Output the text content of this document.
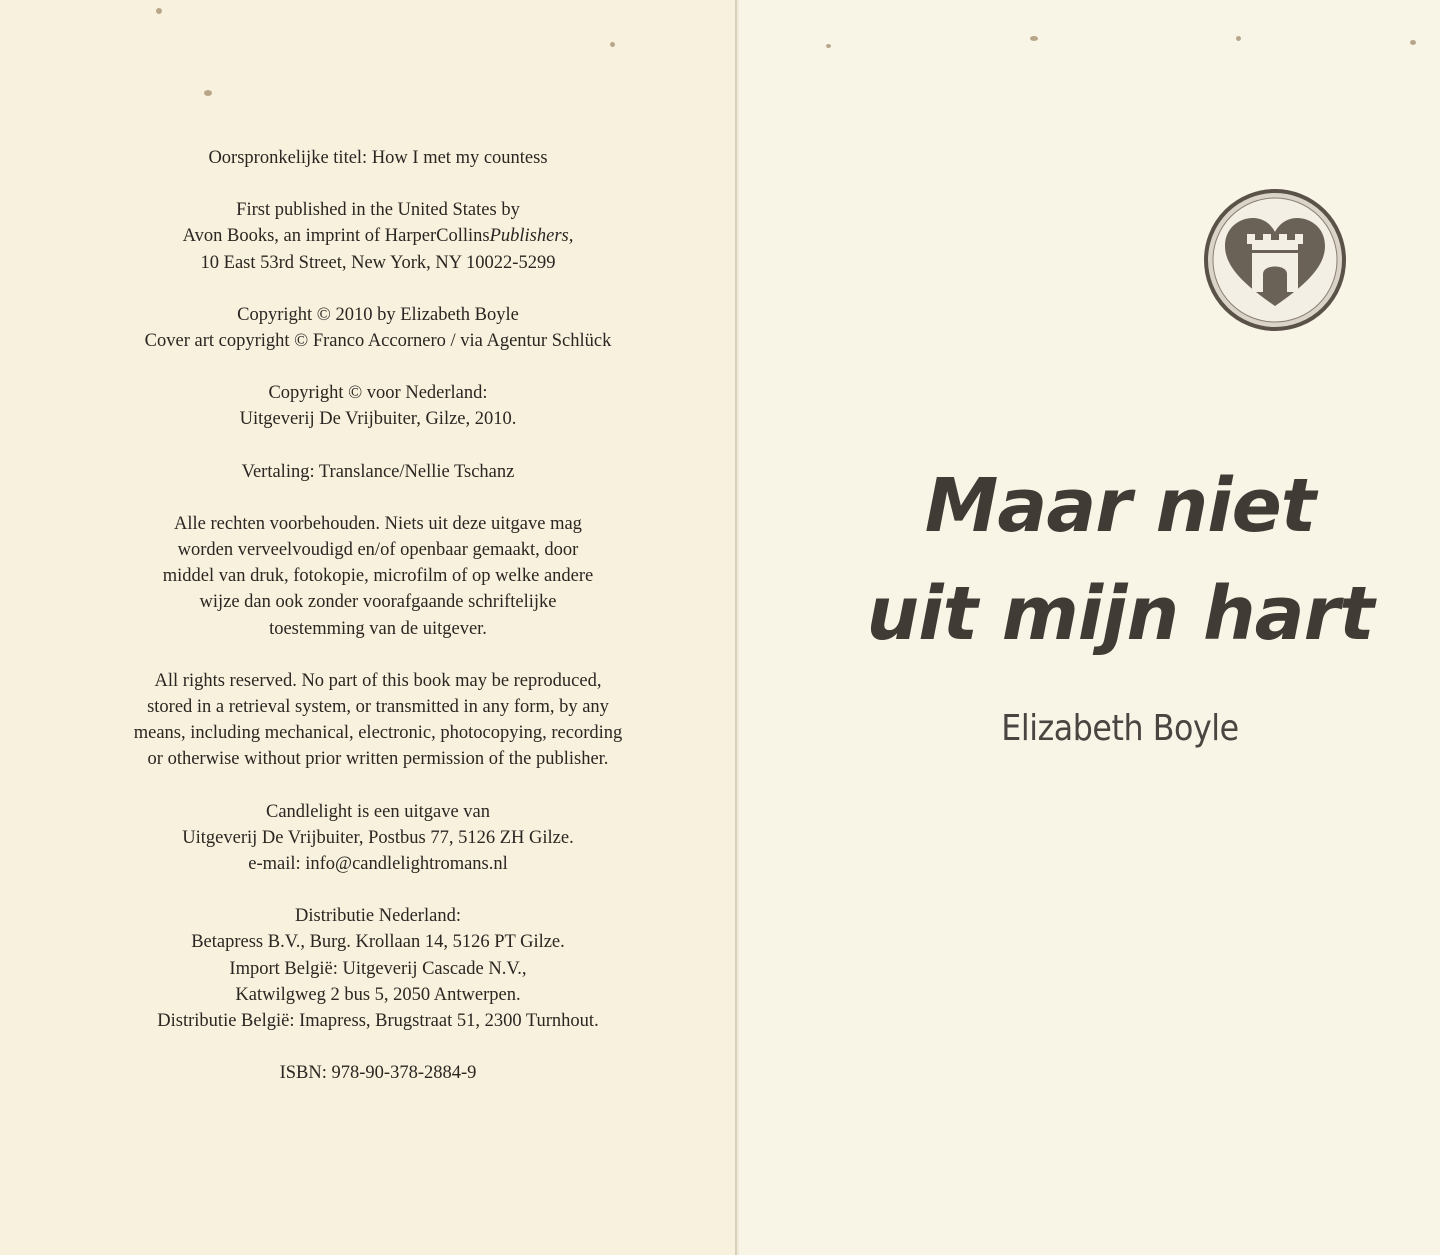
Oorspronkelijke titel: How I met my countess

First published in the United States by

Avon Books, an imprint of HarperCollinsPublishers,

10 East 53rd Street, New York, NY 10022-5299

Copyright © 2010 by Elizabeth Boyle

Cover art copyright © Franco Accornero / via Agentur Schlück

Copyright © voor Nederland:

Uitgeverij De Vrijbuiter, Gilze, 2010.

Vertaling: Translance/Nellie Tschanz

Alle rechten voorbehouden. Niets uit deze uitgave mag

worden verveelvoudigd en/of openbaar gemaakt, door

middel van druk, fotokopie, microfilm of op welke andere

wijze dan ook zonder voorafgaande schriftelijke

toestemming van de uitgever.

All rights reserved. No part of this book may be reproduced,

stored in a retrieval system, or transmitted in any form, by any

means, including mechanical, electronic, photocopying, recording

or otherwise without prior written permission of the publisher.

Candlelight is een uitgave van

Uitgeverij De Vrijbuiter, Postbus 77, 5126 ZH Gilze.

e-mail: info@candlelightromans.nl

Distributie Nederland:

Betapress B.V., Burg. Krollaan 14, 5126 PT Gilze.

Import België: Uitgeverij Cascade N.V.,

Katwilgweg 2 bus 5, 2050 Antwerpen.

Distributie België: Imapress, Brugstraat 51, 2300 Turnhout.

ISBN: 978-90-378-2884-9

Maar niet
uit mijn hart
Elizabeth Boyle
